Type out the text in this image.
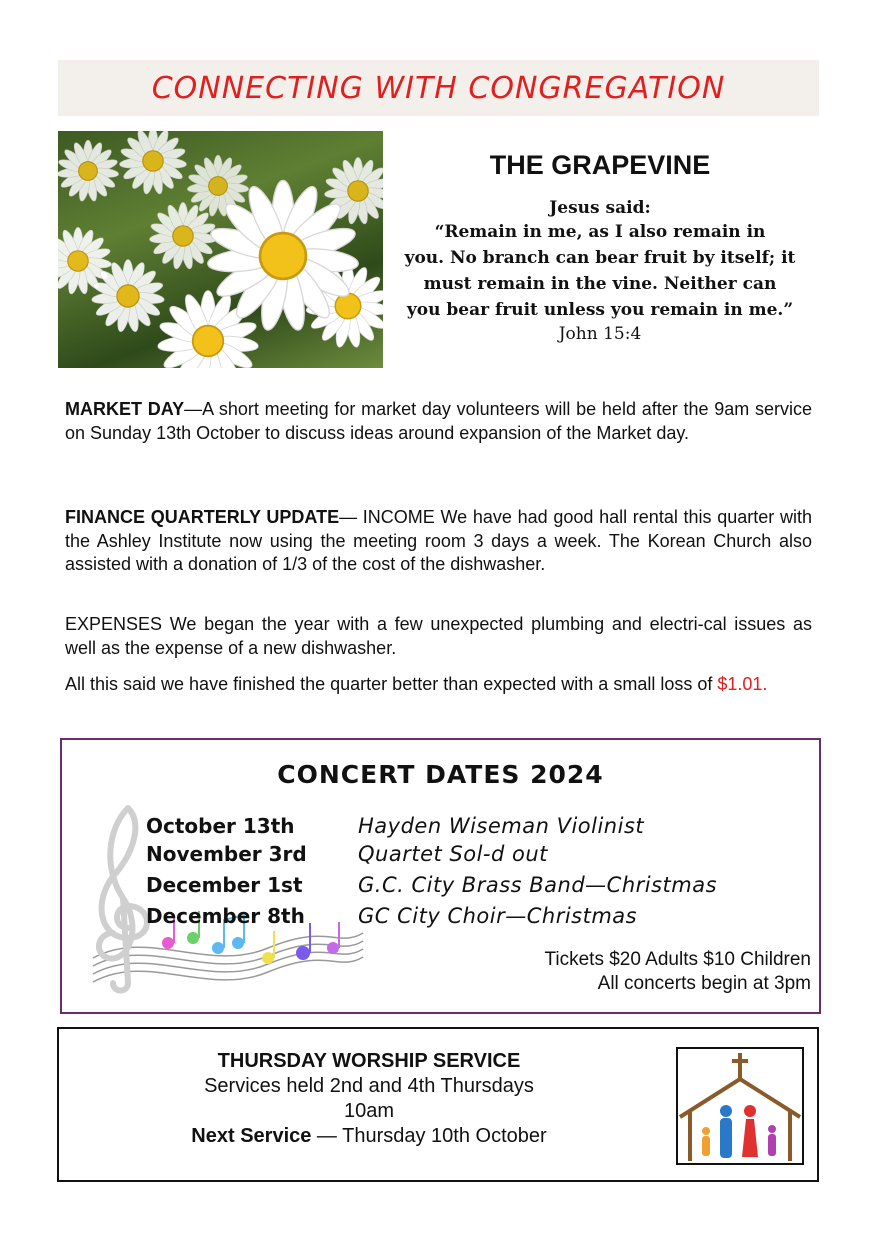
CONNECTING WITH CONGREGATION
THE GRAPEVINE
Jesus said:
“Remain in me, as I also remain in
you. No branch can bear fruit by itself; it
must remain in the vine. Neither can
you bear fruit unless you remain in me.”
John 15:4

MARKET DAY—A short meeting for market day volunteers will be held after the 9am service on Sunday 13th October to discuss ideas around expansion of the Market day.

FINANCE QUARTERLY UPDATE— INCOME We have had good hall rental this quarter with the Ashley Institute now using the meeting room 3 days a week. The Korean Church also assisted with a donation of 1/3 of the cost of the dishwasher.

EXPENSES We began the year with a few unexpected plumbing and electri-cal issues as well as the expense of a new dishwasher.

All this said we have finished the quarter better than expected with a small loss of $1.01.

CONCERT DATES 2024
October 13th	Hayden Wiseman Violinist
November 3rd	Quartet Sol-d out
December 1st	G.C. City Brass Band—Christmas
December 8th	GC City Choir—Christmas
Tickets $20 Adults $10 Children
All concerts begin at 3pm
THURSDAY WORSHIP SERVICE
Services held 2nd and 4th Thursdays
10am
Next Service — Thursday 10th October
